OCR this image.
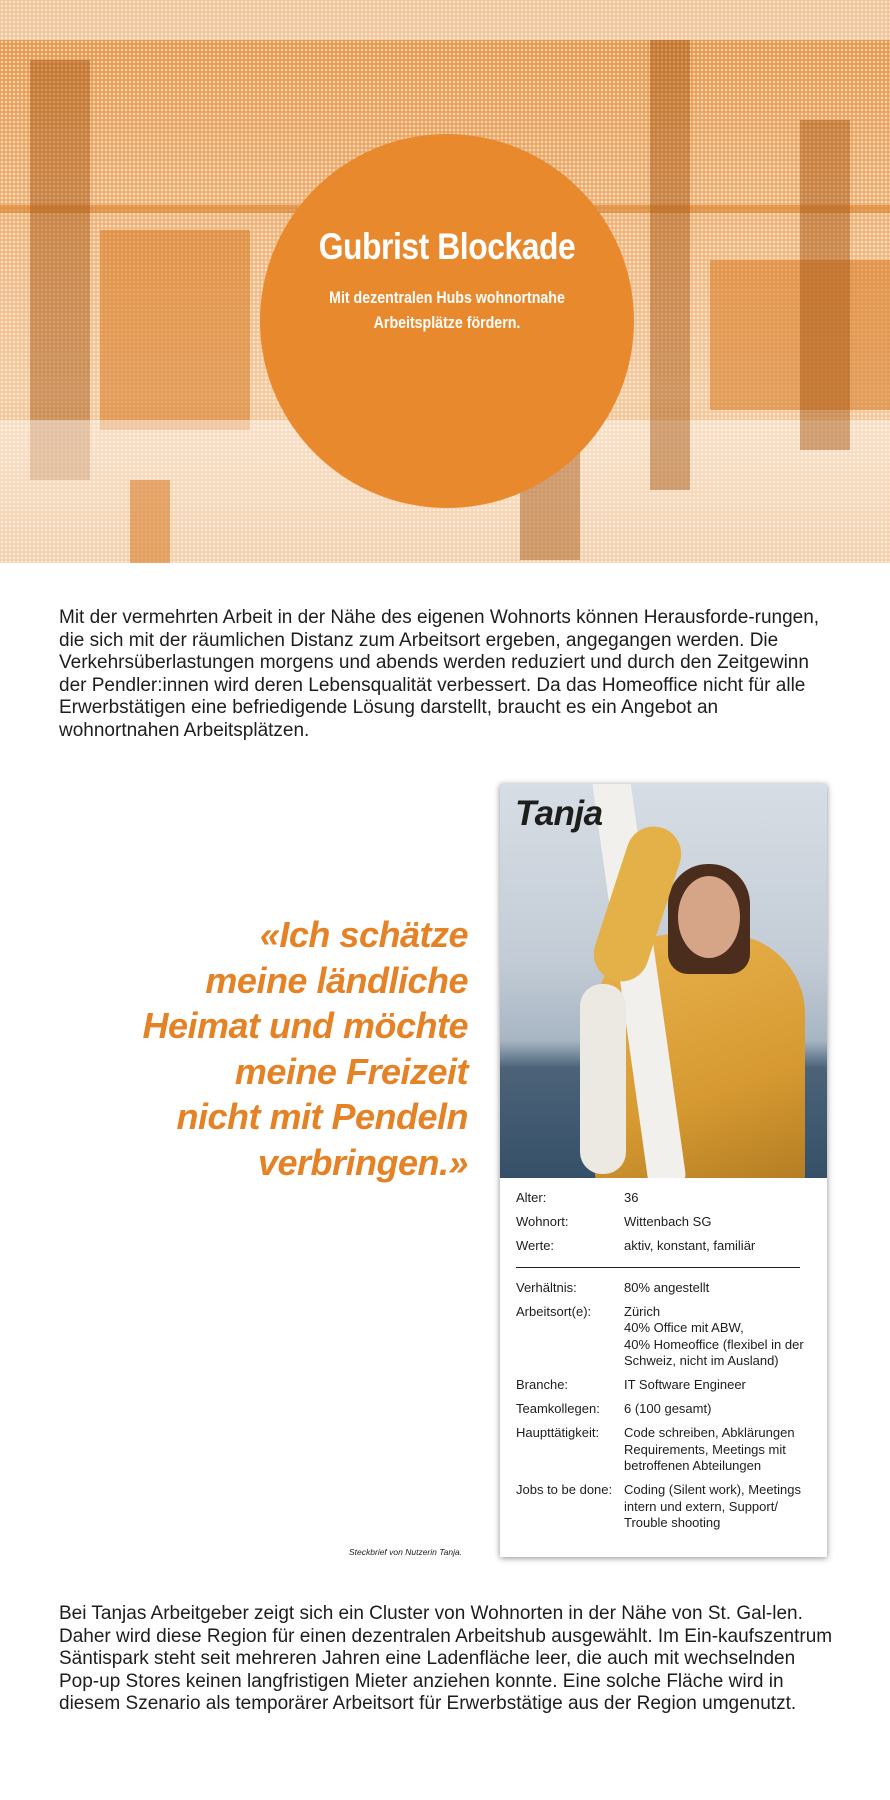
Gubrist Blockade
Mit dezentralen Hubs wohnortnahe
Arbeitsplätze fördern.

Mit der vermehrten Arbeit in der Nähe des eigenen Wohnorts können Herausforde-rungen, die sich mit der räumlichen Distanz zum Arbeitsort ergeben, angegangen werden. Die Verkehrsüberlastungen morgens und abends werden reduziert und durch den Zeitgewinn der Pendler:innen wird deren Lebensqualität verbessert. Da das Homeoffice nicht für alle Erwerbstätigen eine befriedigende Lösung darstellt, braucht es ein Angebot an wohnortnahen Arbeitsplätzen.

«Ich schätze
meine ländliche
Heimat und möchte
meine Freizeit
nicht mit Pendeln
verbringen.»
Tanja
Alter:	36
Wohnort:	Wittenbach SG
Werte:	aktiv, konstant, familiär
Verhältnis:	80% angestellt
Arbeitsort(e):	Zürich
40% Office mit ABW,
40% Homeoffice (flexibel in der Schweiz, nicht im Ausland)
Branche:	IT Software Engineer
Teamkollegen:	6 (100 gesamt)
Haupttätigkeit:	Code schreiben, Abklärungen Requirements, Meetings mit betroffenen Abteilungen
Jobs to be done: Coding (Silent work), Meetings intern und extern, Support/ Trouble shooting
Steckbrief von Nutzerin Tanja.

Bei Tanjas Arbeitgeber zeigt sich ein Cluster von Wohnorten in der Nähe von St. Gal-len. Daher wird diese Region für einen dezentralen Arbeitshub ausgewählt. Im Ein-kaufszentrum Säntispark steht seit mehreren Jahren eine Ladenfläche leer, die auch mit wechselnden Pop-up Stores keinen langfristigen Mieter anziehen konnte. Eine solche Fläche wird in diesem Szenario als temporärer Arbeitsort für Erwerbstätige aus der Region umgenutzt.
